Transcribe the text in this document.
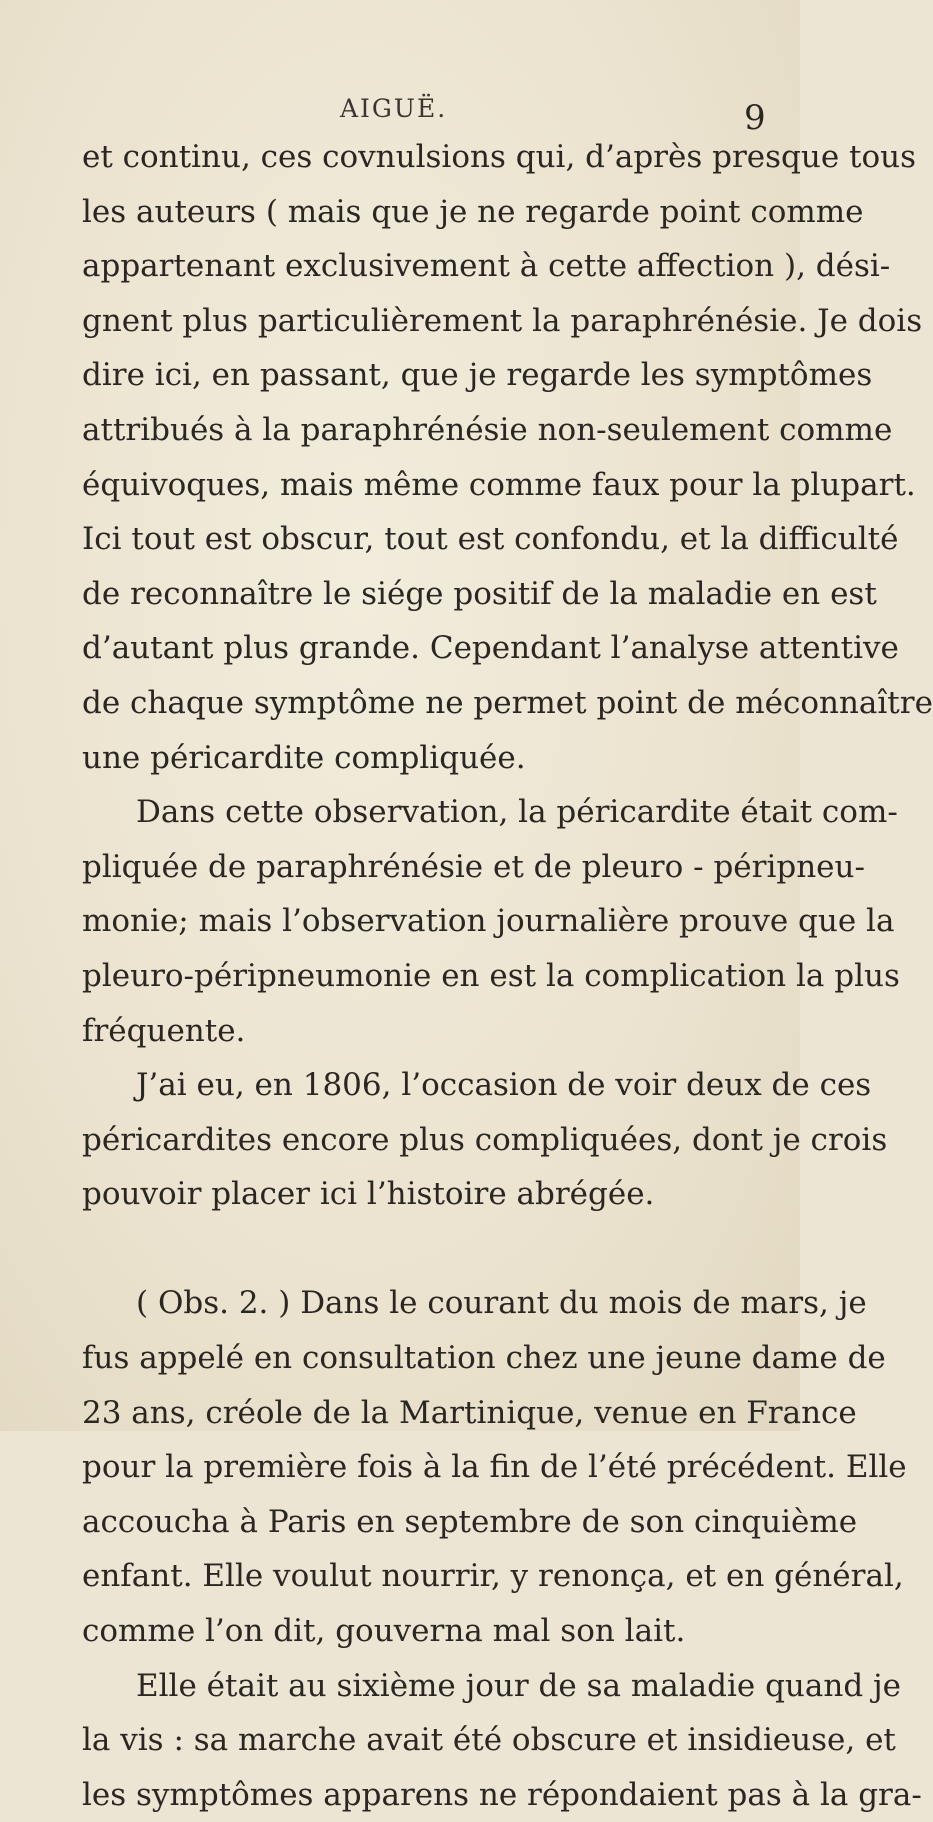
AIGUË.	9
et continu, ces covnulsions qui, d’après presque tous
les auteurs ( mais que je ne regarde point comme
appartenant exclusivement à cette affection ), dési-
gnent plus particulièrement la paraphrénésie. Je dois
dire ici, en passant, que je regarde les symptômes
attribués à la paraphrénésie non-seulement comme
équivoques, mais même comme faux pour la plupart.
Ici tout est obscur, tout est confondu, et la difficulté
de reconnaître le siége positif de la maladie en est
d’autant plus grande. Cependant l’analyse attentive
de chaque symptôme ne permet point de méconnaître
une péricardite compliquée.
Dans cette observation, la péricardite était com-
pliquée de paraphrénésie et de pleuro - péripneu-
monie; mais l’observation journalière prouve que la
pleuro-péripneumonie en est la complication la plus
fréquente.
J’ai eu, en 1806, l’occasion de voir deux de ces
péricardites encore plus compliquées, dont je crois
pouvoir placer ici l’histoire abrégée.
( Obs. 2. ) Dans le courant du mois de mars, je
fus appelé en consultation chez une jeune dame de
23 ans, créole de la Martinique, venue en France
pour la première fois à la fin de l’été précédent. Elle
accoucha à Paris en septembre de son cinquième
enfant. Elle voulut nourrir, y renonça, et en général,
comme l’on dit, gouverna mal son lait.
Elle était au sixième jour de sa maladie quand je
la vis : sa marche avait été obscure et insidieuse, et
les symptômes apparens ne répondaient pas à la gra-
